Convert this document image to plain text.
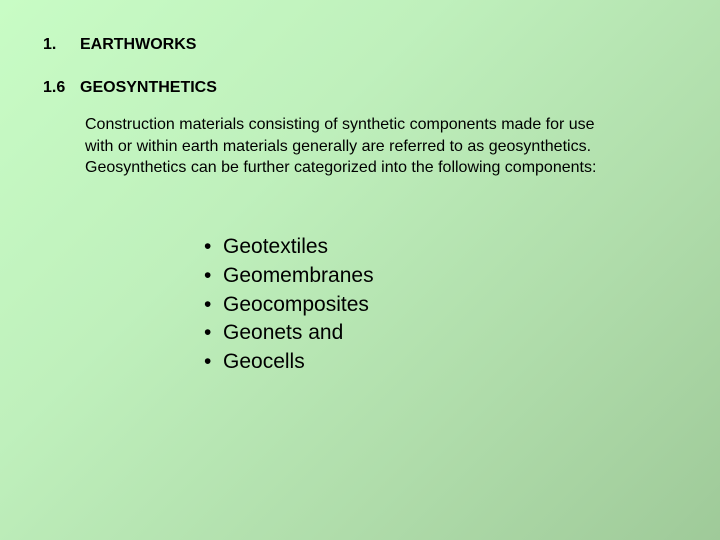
1. EARTHWORKS
1.6 GEOSYNTHETICS
Construction materials consisting of synthetic components made for use
with or within earth materials generally are referred to as geosynthetics.
Geosynthetics can be further categorized into the following components:
• Geotextiles
• Geomembranes
• Geocomposites
• Geonets and
• Geocells
